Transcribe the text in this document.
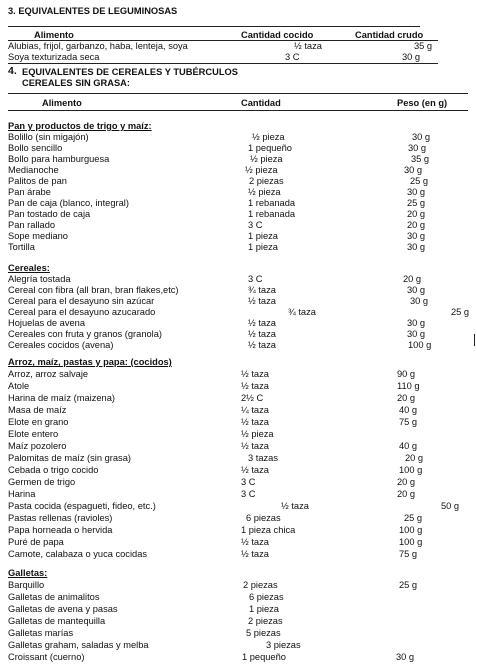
3. EQUIVALENTES DE LEGUMINOSAS
Alimento	Cantidad cocido	Cantidad crudo
Alubias, frijol, garbanzo, haba, lenteja, soya	½ taza	35 g
Soya texturizada seca	3 C	30 g
4. EQUIVALENTES DE CEREALES Y TUBÉRCULOS
CEREALES SIN GRASA:
Alimento	Cantidad	Peso (en g)
Pan y productos de trigo y maíz:
Bolillo (sin migajón)	½ pieza	30 g
Bollo sencillo	1 pequeño	30 g
Bollo para hamburguesa	½ pieza	35 g
Medianoche	½ pieza	30 g
Palitos de pan	2 piezas	25 g
Pan árabe	½ pieza	30 g
Pan de caja (blanco, integral)	1 rebanada	25 g
Pan tostado de caja	1 rebanada	20 g
Pan rallado	3 C	20 g
Sope mediano	1 pieza	30 g
Tortilla	1 pieza	30 g
Cereales:
Alegría tostada	3 C	20 g
Cereal con fibra (all bran, bran flakes,etc)	¾ taza	30 g
Cereal para el desayuno sin azúcar	½ taza	30 g
Cereal para el desayuno azucarado	¾ taza	25 g
Hojuelas de avena	½ taza	30 g
Cereales con fruta y granos (granola)	½ taza	30 g
Cereales cocidos (avena)	½ taza	100 g
Arroz, maíz, pastas y papa: (cocidos)
Arroz, arroz salvaje	½ taza	90 g
Atole	½ taza	110 g
Harina de maíz (maizena)	2½ C	20 g
Masa de maíz	¼ taza	40 g
Elote en grano	½ taza	75 g
Elote entero	½ pieza
Maíz pozolero	½ taza	40 g
Palomitas de maíz (sin grasa)	3 tazas	20 g
Cebada o trigo cocido	½ taza	100 g
Germen de trigo	3 C	20 g
Harina	3 C	20 g
Pasta cocida (espagueti, fideo, etc.)	½ taza	50 g
Pastas rellenas (ravioles)	6 piezas	25 g
Papa horneada o hervida	1 pieza chica	100 g
Puré de papa	½ taza	100 g
Camote, calabaza o yuca cocidas	½ taza	75 g
Galletas:
Barquillo	2 piezas	25 g
Galletas de animalitos	6 piezas
Galletas de avena y pasas	1 pieza
Galletas de mantequilla	2 piezas
Galletas marías	5 piezas
Galletas graham, saladas y melba	3 piezas
Croissant (cuerno)	1 pequeño	30 g
